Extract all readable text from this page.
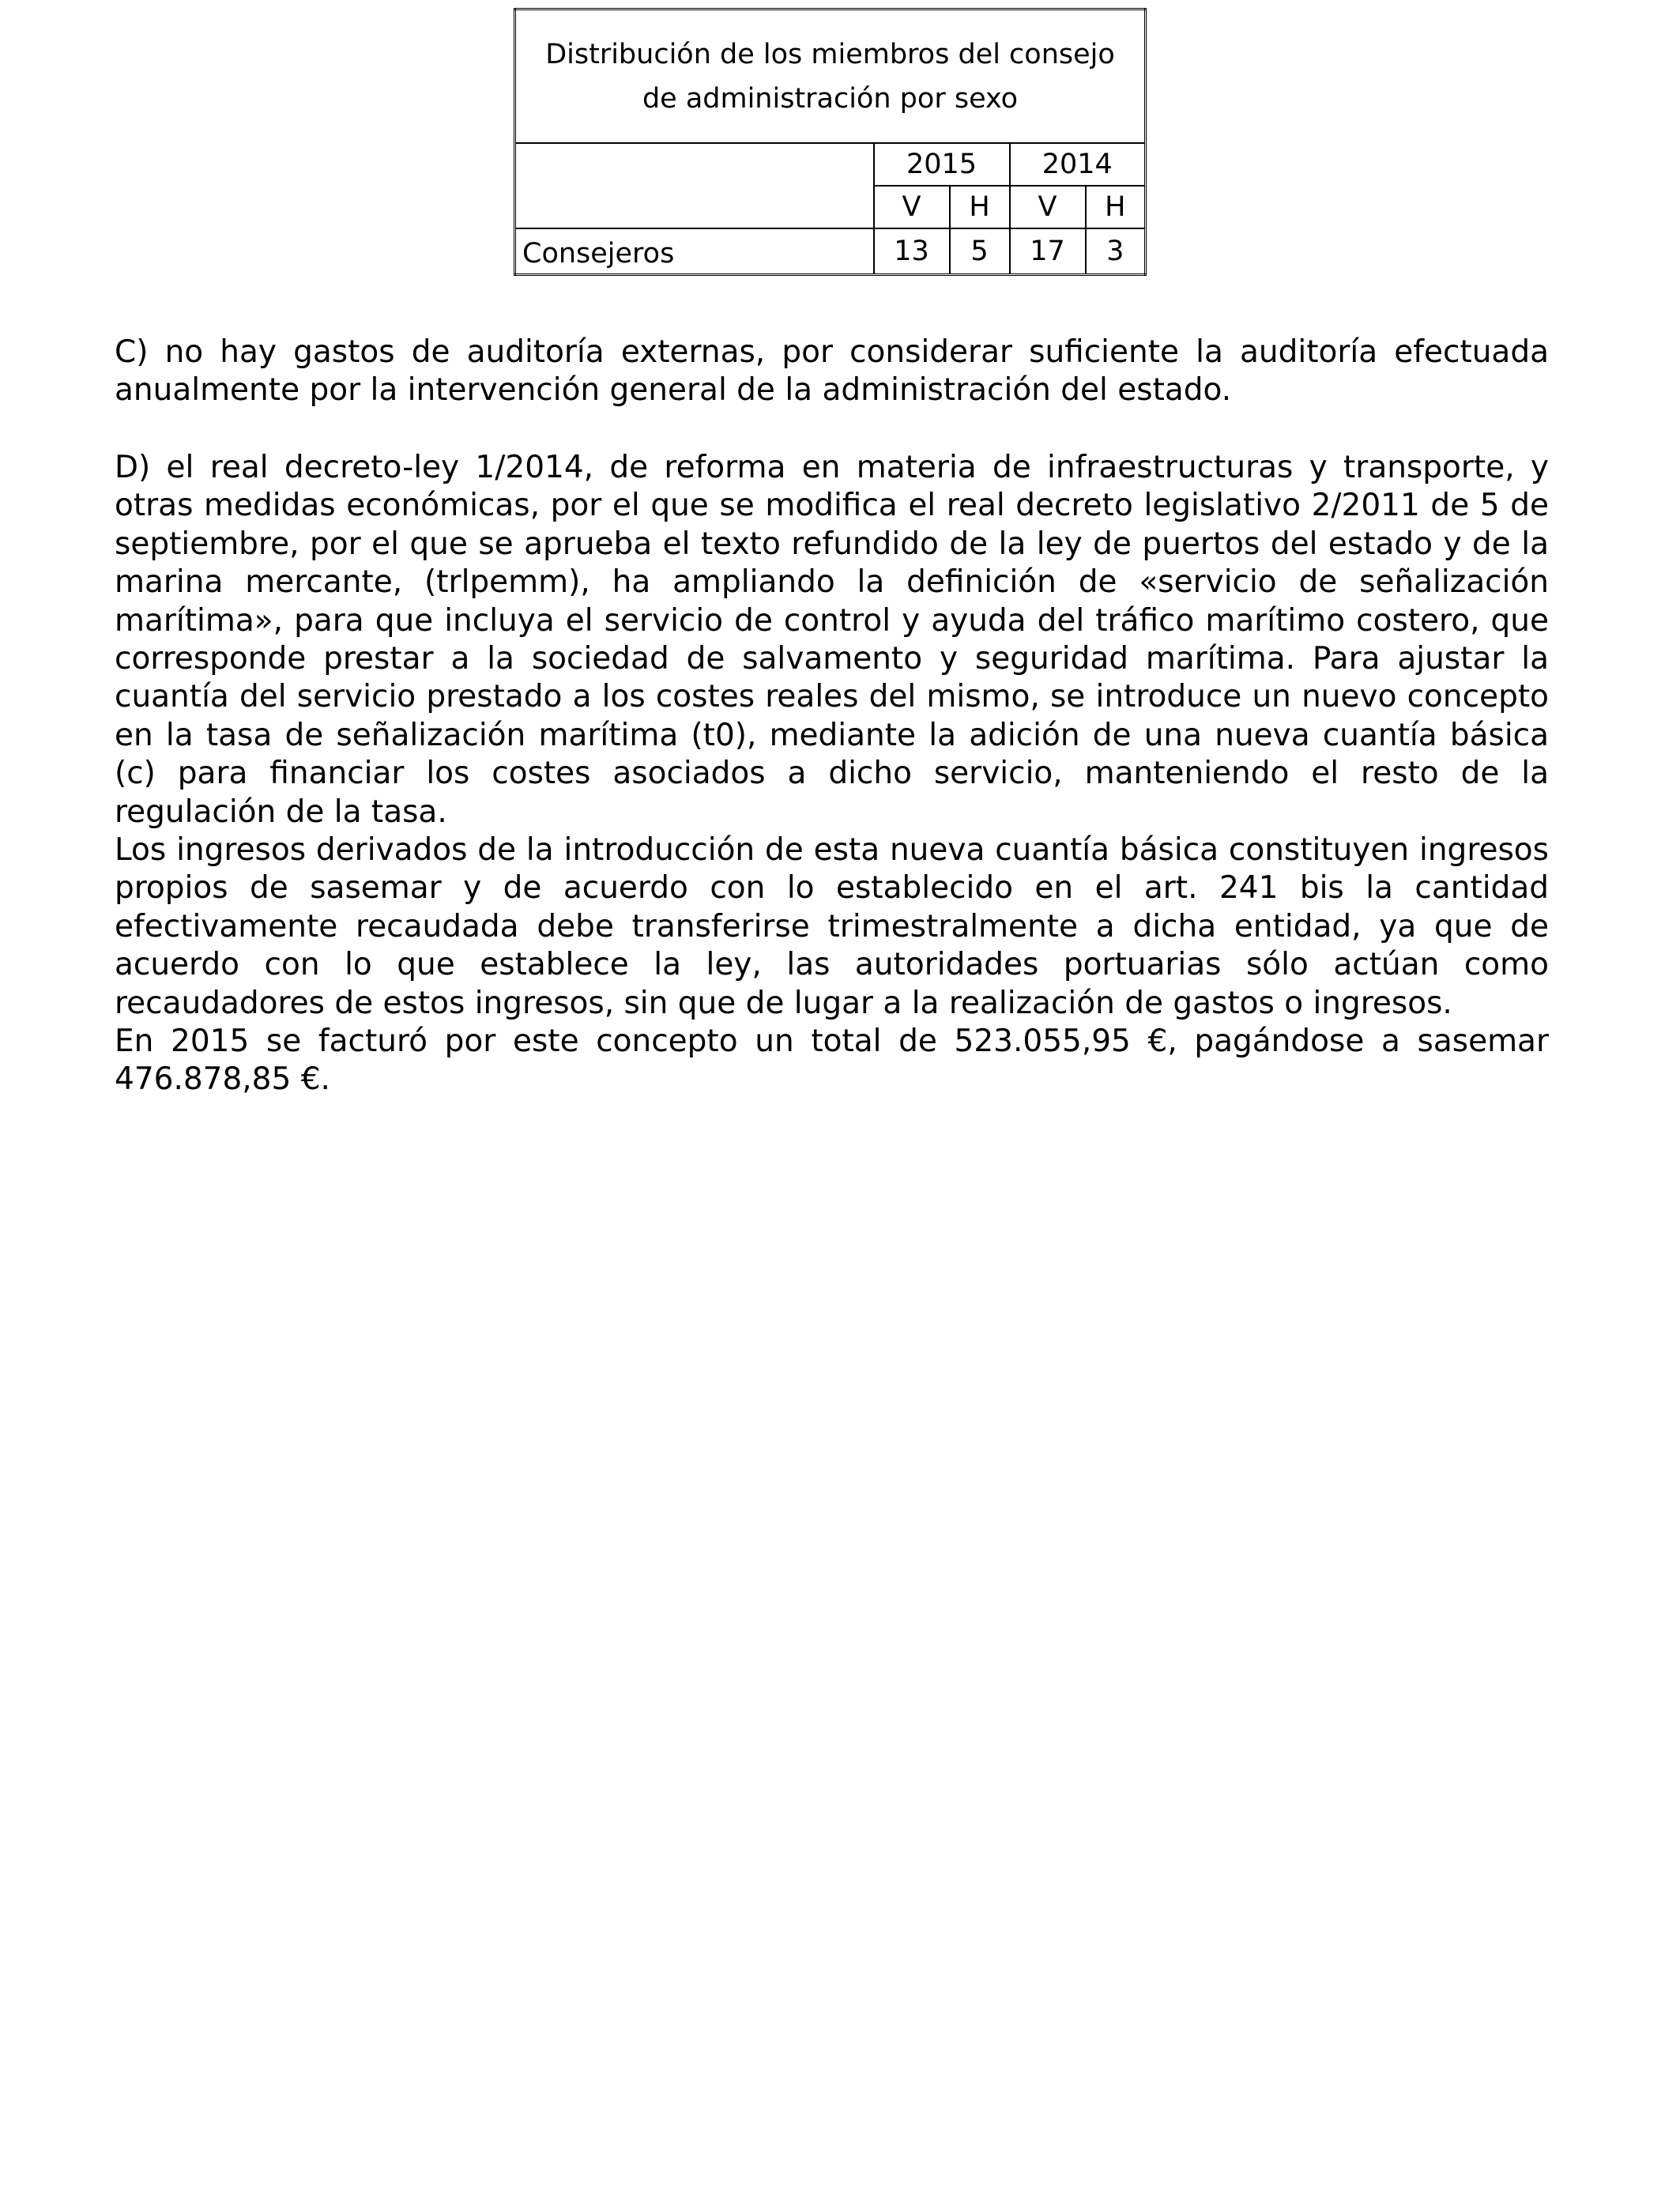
Distribución de los miembros del consejo de administración por sexo				
	2015		2014	
	V	H	V	H
Consejeros	13	5	17	3

C) no hay gastos de auditoría externas, por considerar suficiente la auditoría efectuada anualmente por la intervención general de la administración del estado.

D) el real decreto-ley 1/2014, de reforma en materia de infraestructuras y transporte, y otras medidas económicas, por el que se modifica el real decreto legislativo 2/2011 de 5 de septiembre, por el que se aprueba el texto refundido de la ley de puertos del estado y de la marina mercante, (trlpemm), ha ampliando la definición de «servicio de señalización marítima», para que incluya el servicio de control y ayuda del tráfico marítimo costero, que corresponde prestar a la sociedad de salvamento y seguridad marítima. Para ajustar la cuantía del servicio prestado a los costes reales del mismo, se introduce un nuevo concepto en la tasa de señalización marítima (t0), mediante la adición de una nueva cuantía básica (c) para financiar los costes asociados a dicho servicio, manteniendo el resto de la regulación de la tasa.

Los ingresos derivados de la introducción de esta nueva cuantía básica constituyen ingresos propios de sasemar y de acuerdo con lo establecido en el art. 241 bis la cantidad efectivamente recaudada debe transferirse trimestralmente a dicha entidad, ya que de acuerdo con lo que establece la ley, las autoridades portuarias sólo actúan como recaudadores de estos ingresos, sin que de lugar a la realización de gastos o ingresos.

En 2015 se facturó por este concepto un total de 523.055,95 €, pagándose a sasemar 476.878,85 €.
